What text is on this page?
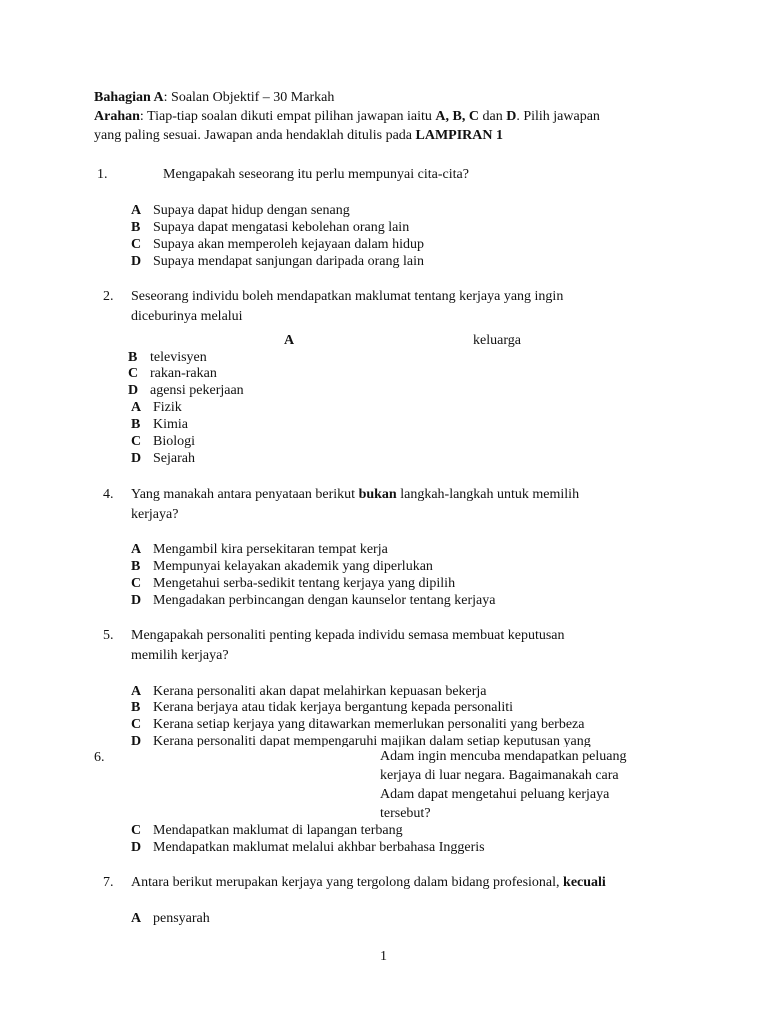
Bahagian A: Soalan Objektif – 30 Markah
Arahan: Tiap-tiap soalan dikuti empat pilihan jawapan iaitu A, B, C dan D. Pilih jawapan
yang paling sesuai. Jawapan anda hendaklah ditulis pada LAMPIRAN 1
1.	Mengapakah seseorang itu perlu mempunyai cita-cita?
A Supaya dapat hidup dengan senang
B Supaya dapat mengatasi kebolehan orang lain
C Supaya akan memperoleh kejayaan dalam hidup
D Supaya mendapat sanjungan daripada orang lain
2. Seseorang individu boleh mendapatkan maklumat tentang kerjaya yang ingin
diceburinya melalui
A	keluarga
B televisyen
C rakan-rakan
D agensi pekerjaan
A Fizik
B Kimia
C Biologi
D Sejarah
4. Yang manakah antara penyataan berikut bukan langkah-langkah untuk memilih
kerjaya?
A Mengambil kira persekitaran tempat kerja
B Mempunyai kelayakan akademik yang diperlukan
C Mengetahui serba-sedikit tentang kerjaya yang dipilih
D Mengadakan perbincangan dengan kaunselor tentang kerjaya
5. Mengapakah personaliti penting kepada individu semasa membuat keputusan
memilih kerjaya?
A Kerana personaliti akan dapat melahirkan kepuasan bekerja
B Kerana berjaya atau tidak kerjaya bergantung kepada personaliti
C Kerana setiap kerjaya yang ditawarkan memerlukan personaliti yang berbeza
D Kerana personaliti dapat mempengaruhi majikan dalam setiap keputusan yang
6.	Adam ingin mencuba mendapatkan peluang
kerjaya di luar negara. Bagaimanakah cara
Adam dapat mengetahui peluang kerjaya
tersebut?
C Mendapatkan maklumat di lapangan terbang
D Mendapatkan maklumat melalui akhbar berbahasa Inggeris
7. Antara berikut merupakan kerjaya yang tergolong dalam bidang profesional, kecuali
A pensyarah
1
